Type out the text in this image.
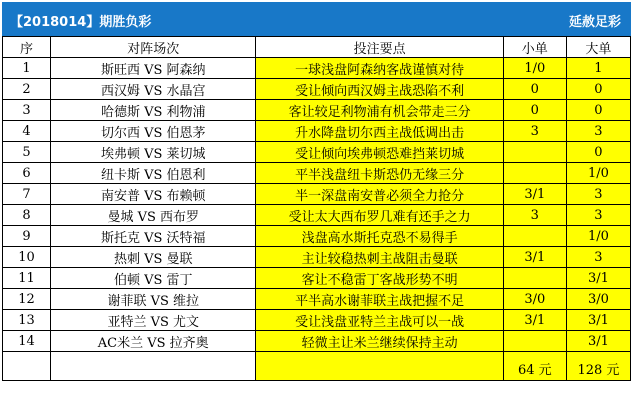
【2018014】期胜负彩	延赦足彩
序	对阵场次	投注要点	小单	大单
1	斯旺西 VS 阿森纳	一球浅盘阿森纳客战谨慎对待	1/0	1
2	西汉姆 VS 水晶宫	受让倾向西汉姆主战恐陷不利	0	0
3	哈德斯 VS 利物浦	客让较足利物浦有机会带走三分	0	0
4	切尔西 VS 伯恩茅	升水降盘切尔西主战低调出击	3	3
5	埃弗顿 VS 莱切城	受让倾向埃弗顿恐难挡莱切城		0
6	纽卡斯 VS 伯恩利	平半浅盘纽卡斯恐仍无缘三分		1/0
7	南安普 VS 布赖顿	半一深盘南安普必须全力抢分	3/1	3
8	曼城 VS 西布罗	受让太大西布罗几难有还手之力	3	3
9	斯托克 VS 沃特福	浅盘高水斯托克恐不易得手		1/0
10	热刺 VS 曼联	主让较稳热刺主战阻击曼联	3/1	3
11	伯顿 VS 雷丁	客让不稳雷丁客战形势不明		3/1
12	谢菲联 VS 维拉	平半高水谢菲联主战把握不足	3/0	3/0
13	亚特兰 VS 尤文	受让浅盘亚特兰主战可以一战	3/1	3/1
14	AC米兰 VS 拉齐奥	轻微主让米兰继续保持主动		3/1
			64 元	128 元
